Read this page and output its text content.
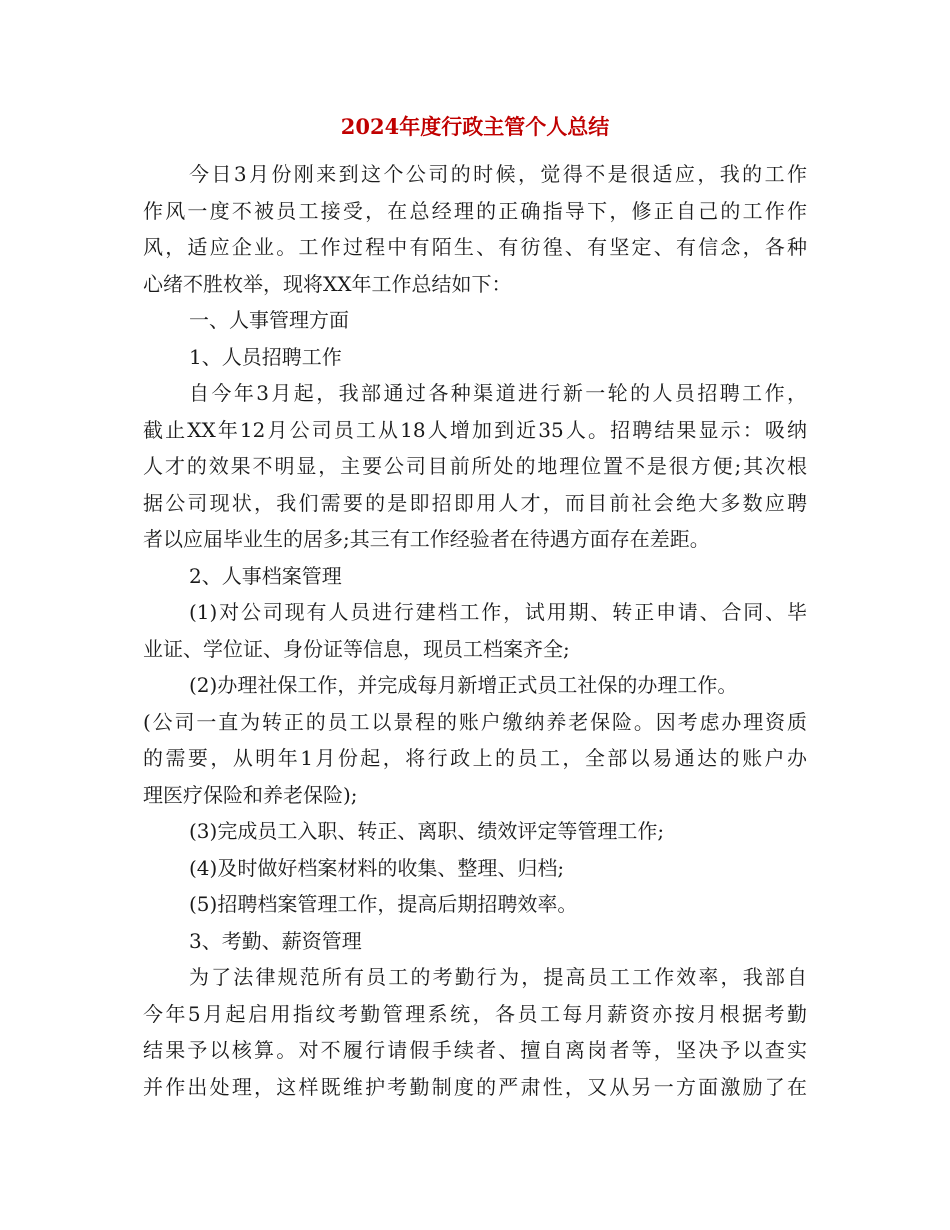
2024年度行政主管个人总结
今日3月份刚来到这个公司的时候，觉得不是很适应，我的工作
作风一度不被员工接受，在总经理的正确指导下，修正自己的工作作
风，适应企业。工作过程中有陌生、有彷徨、有坚定、有信念，各种
心绪不胜枚举，现将XX年工作总结如下：
一、人事管理方面
1、人员招聘工作
自今年3月起，我部通过各种渠道进行新一轮的人员招聘工作，
截止XX年12月公司员工从18人增加到近35人。招聘结果显示：吸纳
人才的效果不明显，主要公司目前所处的地理位置不是很方便;其次根
据公司现状，我们需要的是即招即用人才，而目前社会绝大多数应聘
者以应届毕业生的居多;其三有工作经验者在待遇方面存在差距。
2、人事档案管理
(1)对公司现有人员进行建档工作，试用期、转正申请、合同、毕
业证、学位证、身份证等信息，现员工档案齐全;
(2)办理社保工作，并完成每月新增正式员工社保的办理工作。
(公司一直为转正的员工以景程的账户缴纳养老保险。因考虑办理资质
的需要，从明年1月份起，将行政上的员工，全部以易通达的账户办
理医疗保险和养老保险);
(3)完成员工入职、转正、离职、绩效评定等管理工作;
(4)及时做好档案材料的收集、整理、归档;
(5)招聘档案管理工作，提高后期招聘效率。
3、考勤、薪资管理
为了法律规范所有员工的考勤行为，提高员工工作效率，我部自
今年5月起启用指纹考勤管理系统，各员工每月薪资亦按月根据考勤
结果予以核算。对不履行请假手续者、擅自离岗者等，坚决予以查实
并作出处理，这样既维护考勤制度的严肃性，又从另一方面激励了在
